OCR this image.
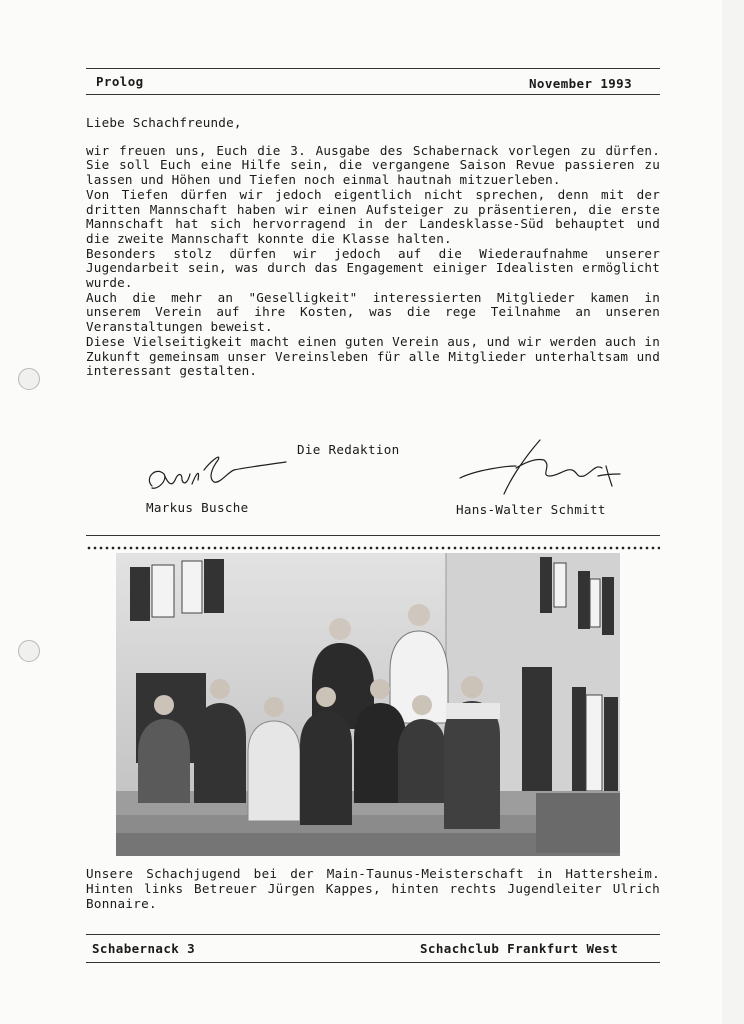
Prolog	November 1993

Liebe Schachfreunde,

wir freuen uns, Euch die 3. Ausgabe des Schabernack vorlegen zu dürfen. Sie soll Euch eine Hilfe sein, die vergangene Saison Revue passieren zu lassen und Höhen und Tiefen noch einmal hautnah mitzuerleben.

Von Tiefen dürfen wir jedoch eigentlich nicht sprechen, denn mit der dritten Mannschaft haben wir einen Aufsteiger zu präsentieren, die erste Mannschaft hat sich hervorragend in der Landesklasse-Süd behauptet und die zweite Mannschaft konnte die Klasse halten.

Besonders stolz dürfen wir jedoch auf die Wiederaufnahme unserer Jugendarbeit sein, was durch das Engagement einiger Idealisten ermöglicht wurde.

Auch die mehr an "Geselligkeit" interessierten Mitglieder kamen in unserem Verein auf ihre Kosten, was die rege Teilnahme an unseren Veranstaltungen beweist.

Diese Vielseitigkeit macht einen guten Verein aus, und wir werden auch in Zukunft gemeinsam unser Vereinsleben für alle Mitglieder unterhaltsam und interessant gestalten.

Die Redaktion
Markus Busche	Hans-Walter Schmitt
Unsere Schachjugend bei der Main-Taunus-Meisterschaft in Hattersheim. Hinten links Betreuer Jürgen Kappes, hinten rechts Jugendleiter Ulrich Bonnaire.
Schabernack 3	Schachclub Frankfurt West
